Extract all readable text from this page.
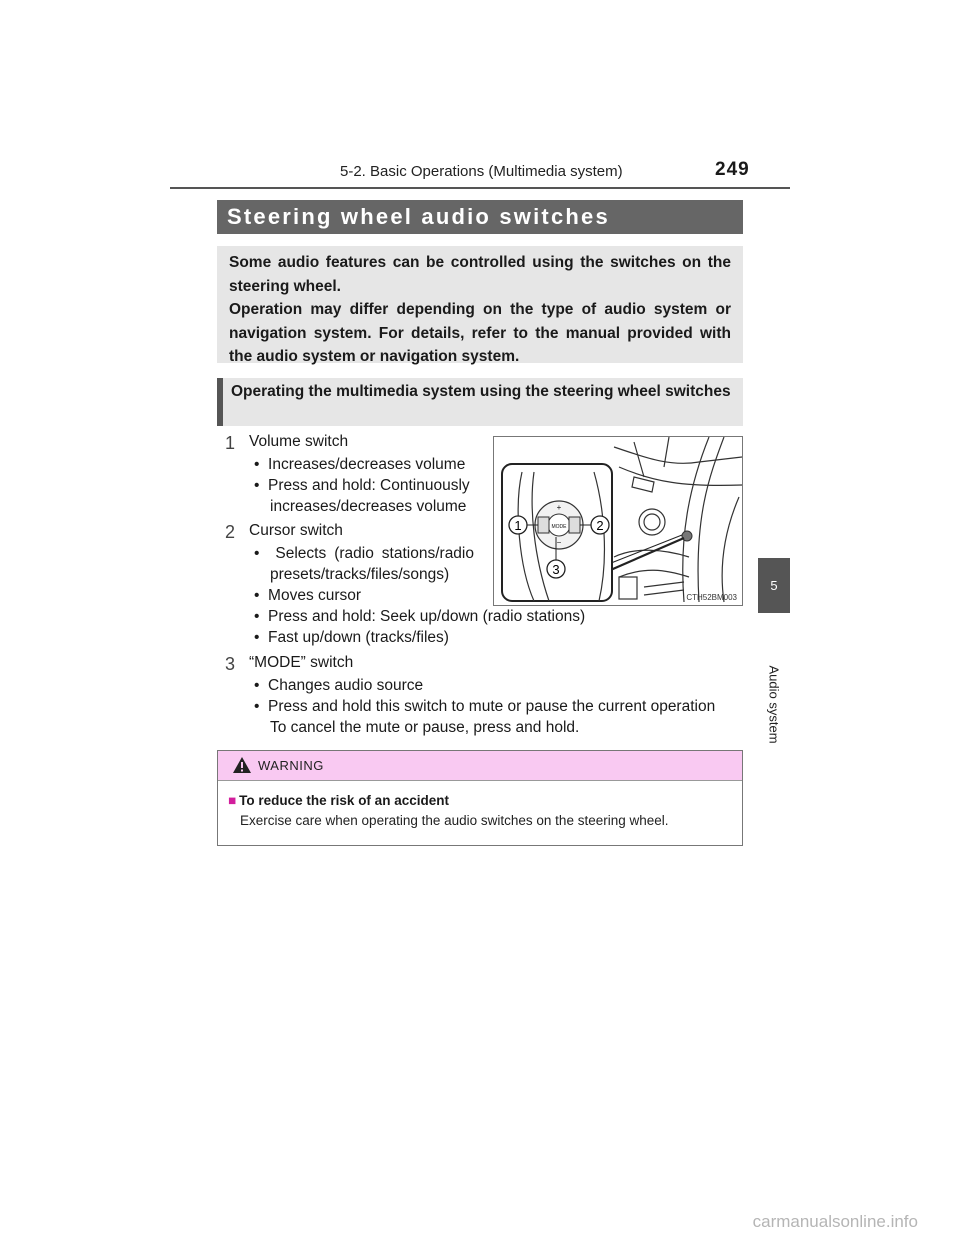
5-2. Basic Operations (Multimedia system)	249
5
Audio system
Steering wheel audio switches

Some audio features can be controlled using the switches on the steering wheel.

Operation may differ depending on the type of audio system or navigation system. For details, refer to the manual provided with the audio system or navigation system.

Operating the multimedia system using the steering wheel switches
1 Volume switch
•  Increases/decreases volume
•  Press and hold: Continuously
increases/decreases volume
2 Cursor switch
•  Selects (radio stations/radio
presets/tracks/files/songs)
•  Moves cursor
•  Press and hold: Seek up/down (radio stations)
•  Fast up/down (tracks/files)
3 “MODE” switch
•  Changes audio source
•  Press and hold this switch to mute or pause the current operation
To cancel the mute or pause, press and hold.
MODE
+
−
1	2
3
CTH52BM003
WARNING
■ To reduce the risk of an accident
Exercise care when operating the audio switches on the steering wheel.
carmanualsonline.info
